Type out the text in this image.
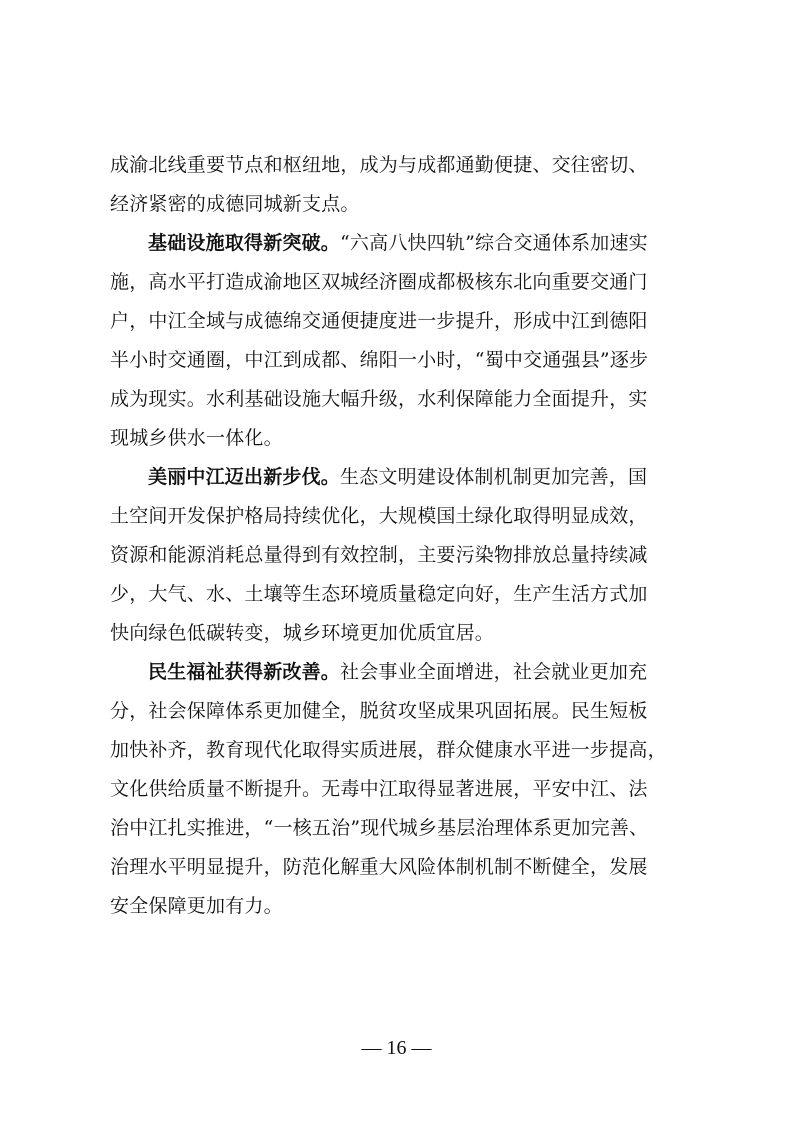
成渝北线重要节点和枢纽地，成为与成都通勤便捷、交往密切、
经济紧密的成德同城新支点。
基础设施取得新突破。“六高八快四轨”综合交通体系加速实
施，高水平打造成渝地区双城经济圈成都极核东北向重要交通门
户，中江全域与成德绵交通便捷度进一步提升，形成中江到德阳
半小时交通圈，中江到成都、绵阳一小时，“蜀中交通强县”逐步
成为现实。水利基础设施大幅升级，水利保障能力全面提升，实
现城乡供水一体化。
美丽中江迈出新步伐。生态文明建设体制机制更加完善，国
土空间开发保护格局持续优化，大规模国土绿化取得明显成效，
资源和能源消耗总量得到有效控制，主要污染物排放总量持续减
少，大气、水、土壤等生态环境质量稳定向好，生产生活方式加
快向绿色低碳转变，城乡环境更加优质宜居。
民生福祉获得新改善。社会事业全面增进，社会就业更加充
分，社会保障体系更加健全，脱贫攻坚成果巩固拓展。民生短板
加快补齐，教育现代化取得实质进展，群众健康水平进一步提高，
文化供给质量不断提升。无毒中江取得显著进展，平安中江、法
治中江扎实推进，“一核五治”现代城乡基层治理体系更加完善、
治理水平明显提升，防范化解重大风险体制机制不断健全，发展
安全保障更加有力。
— 16 —
